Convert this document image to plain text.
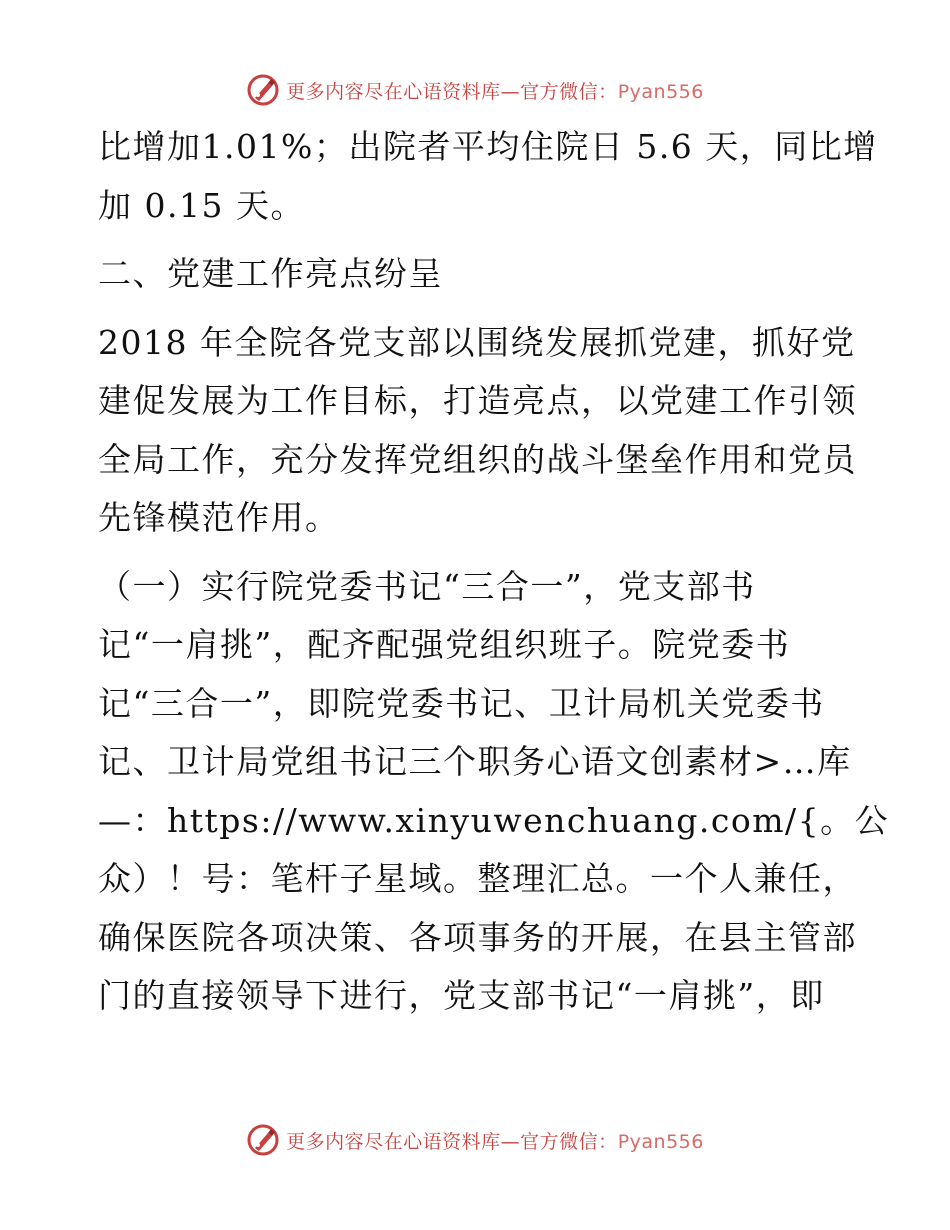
更多内容尽在心语资料库—官方微信：Pyan556
比增加1.01%；出院者平均住院日 5.6 天，同比增
加 0.15 天。
二、党建工作亮点纷呈
2018 年全院各党支部以围绕发展抓党建，抓好党
建促发展为工作目标，打造亮点，以党建工作引领
全局工作，充分发挥党组织的战斗堡垒作用和党员
先锋模范作用。
（一）实行院党委书记“三合一”，党支部书
记“一肩挑”，配齐配强党组织班子。院党委书
记“三合一”，即院党委书记、卫计局机关党委书
记、卫计局党组书记三个职务心语文创素材>…库
—：https://www.xinyuwenchuang.com/{。公
众）！号：笔杆子星域。整理汇总。一个人兼任，
确保医院各项决策、各项事务的开展，在县主管部
门的直接领导下进行，党支部书记“一肩挑”，即
更多内容尽在心语资料库—官方微信：Pyan556
